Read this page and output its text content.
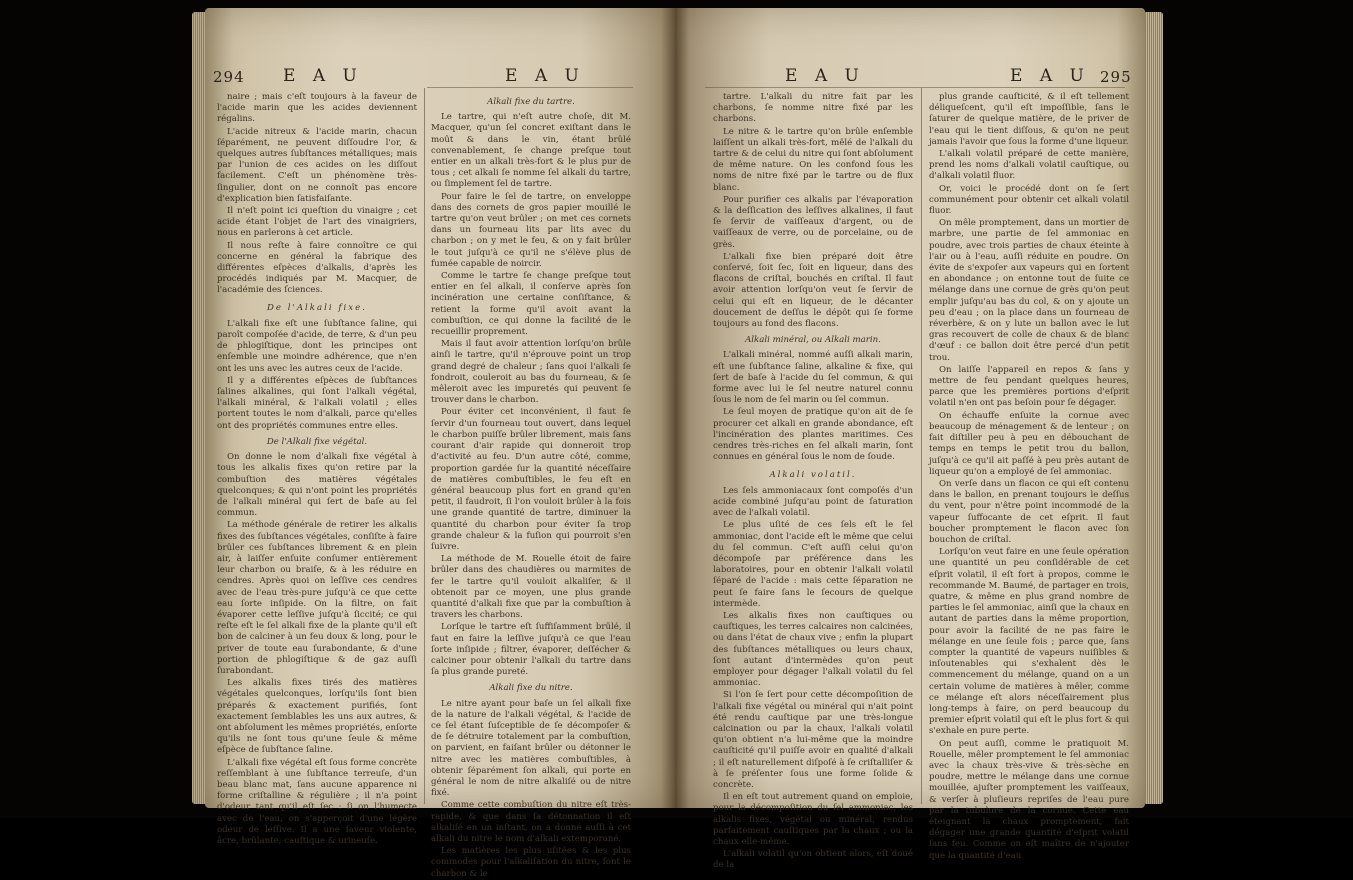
294 E A U	E A U

naire ; mais c'eſt toujours à la faveur de l'acide marin que les acides deviennent régalins.

L'acide nitreux & l'acide marin, chacun ſéparément, ne peuvent diſſoudre l'or, & quelques autres ſubſtances métalliques; mais par l'union de ces acides on les diſſout facilement. C'eſt un phénomène très-ſingulier, dont on ne connoît pas encore d'explication bien ſatisfaiſante.

Il n'eſt point ici queſtion du vinaigre ; cet acide étant l'objet de l'art des vinaigriers, nous en parlerons à cet article.

Il nous reſte à faire connoître ce qui concerne en général la fabrique des différentes eſpèces d'alkalis, d'après les procédés indiqués par M. Macquer, de l'académie des ſciences.

De l'Alkali fixe.

L'alkali fixe eſt une ſubſtance ſaline, qui paroît compoſée d'acide, de terre, & d'un peu de phlogiſtique, dont les principes ont enſemble une moindre adhérence, que n'en ont les uns avec les autres ceux de l'acide.

Il y a différentes eſpèces de ſubſtances ſalines alkalines, qui ſont l'alkali végétal, l'alkali minéral, & l'alkali volatil ; elles portent toutes le nom d'alkali, parce qu'elles ont des propriétés communes entre elles.

De l'Alkali fixe végétal.

On donne le nom d'alkali fixe végétal à tous les alkalis fixes qu'on retire par la combuſtion des matières végétales quelconques; & qui n'ont point les propriétés de l'alkali minéral qui ſert de baſe au ſel commun.

La méthode générale de retirer les alkalis fixes des ſubſtances végétales, conſiſte à faire brûler ces ſubſtances librement & en plein air, à laiſſer enſuite conſumer entièrement leur charbon ou braiſe, & à les réduire en cendres. Après quoi on leſſive ces cendres avec de l'eau très-pure juſqu'à ce que cette eau ſorte inſipide. On la filtre, on fait évaporer cette leſſive juſqu'à ſiccité; ce qui reſte eſt le ſel alkali fixe de la plante qu'il eſt bon de calciner à un feu doux & long, pour le priver de toute eau ſurabondante, & d'une portion de phlogiſtique & de gaz auſſi ſurabondant.

Les alkalis fixes tirés des matières végétales quelconques, lorſqu'ils ſont bien préparés & exactement purifiés, ſont exactement ſemblables les uns aux autres, & ont abſolument les mêmes propriétés, enſorte qu'ils ne ſont tous qu'une ſeule & même eſpèce de ſubſtance ſaline.

L'alkali fixe végétal eſt ſous forme concrète reſſemblant à une ſubſtance terreuſe, d'un beau blanc mat, ſans aucune apparence ni forme criſtalline & régulière ; il n'a point d'odeur tant qu'il eſt ſec : ſi on l'humecte avec de l'eau, on s'apperçoit d'une légère odeur de leſſive. Il a une ſaveur violente, âcre, brûlante, cauſtique & urineuſe.

Alkali fixe du tartre.

Le tartre, qui n'eſt autre choſe, dit M. Macquer, qu'un ſel concret exiſtant dans le moût & dans le vin, étant brûlé convenablement, ſe change preſque tout entier en un alkali très-fort & le plus pur de tous ; cet alkali ſe nomme ſel alkali du tartre, ou ſimplement ſel de tartre.

Pour faire le ſel de tartre, on enveloppe dans des cornets de gros papier mouillé le tartre qu'on veut brûler ; on met ces cornets dans un fourneau lits par lits avec du charbon ; on y met le feu, & on y fait brûler le tout juſqu'à ce qu'il ne s'élève plus de fumée capable de noircir.

Comme le tartre ſe change preſque tout entier en ſel alkali, il conſerve après ſon incinération une certaine conſiſtance, & retient la forme qu'il avoit avant la combuſtion, ce qui donne la facilité de le recueillir proprement.

Mais il faut avoir attention lorſqu'on brûle ainſi le tartre, qu'il n'éprouve point un trop grand degré de chaleur ; ſans quoi l'alkali ſe fondroit, couleroit au bas du fourneau, & ſe mêleroit avec les impuretés qui peuvent ſe trouver dans le charbon.

Pour éviter cet inconvénient, il faut ſe ſervir d'un fourneau tout ouvert, dans lequel le charbon puiſſe brûler librement, mais ſans courant d'air rapide qui donneroit trop d'activité au feu. D'un autre côté, comme, proportion gardée ſur la quantité néceſſaire de matières combuſtibles, le feu eſt en général beaucoup plus fort en grand qu'en petit, il faudroit, ſi l'on vouloit brûler à la fois une grande quantité de tartre, diminuer la quantité du charbon pour éviter ſa trop grande chaleur & la fuſion qui pourroit s'en ſuivre.

La méthode de M. Rouelle étoit de faire brûler dans des chaudières ou marmites de fer le tartre qu'il vouloit alkaliſer, & il obtenoit par ce moyen, une plus grande quantité d'alkali fixe que par la combuſtion à travers les charbons.

Lorſque le tartre eſt ſuffiſamment brûlé, il faut en faire la leſſive juſqu'à ce que l'eau ſorte inſipide ; filtrer, évaporer, deſſécher & calciner pour obtenir l'alkali du tartre dans ſa plus grande pureté.

Alkali fixe du nitre.

Le nitre ayant pour baſe un ſel alkali fixe de la nature de l'alkali végétal, & l'acide de ce ſel étant ſuſceptible de ſe décompoſer & de ſe détruire totalement par la combuſtion, on parvient, en faiſant brûler ou détonner le nitre avec les matières combuſtibles, à obtenir ſéparément ſon alkali, qui porte en général le nom de nitre alkaliſé ou de nitre fixé.

Comme cette combuſtion du nitre eſt très-rapide, & que dans ſa détonnation il eſt alkaliſé en un inſtant, on a donné auſſi à cet alkali du nitre le nom d'alkali extemporané.

Les matières les plus uſitées & les plus commodes pour l'alkaliſation du nitre, ſont le charbon & le

E A U	E A U 295

tartre. L'alkali du nitre fait par les charbons, ſe nomme nitre fixé par les charbons.

Le nitre & le tartre qu'on brûle enſemble laiſſent un alkali très-fort, mêlé de l'alkali du tartre & de celui du nitre qui ſont abſolument de même nature. On les confond ſous les noms de nitre fixé par le tartre ou de flux blanc.

Pour purifier ces alkalis par l'évaporation & la deſſication des leſſives alkalines, il faut ſe ſervir de vaiſſeaux d'argent, ou de vaiſſeaux de verre, ou de porcelaine, ou de grès.

L'alkali fixe bien préparé doit être conſervé, ſoit ſec, ſoit en liqueur, dans des flacons de criſtal, bouchés en criſtal. Il faut avoir attention lorſqu'on veut ſe ſervir de celui qui eſt en liqueur, de le décanter doucement de deſſus le dépôt qui ſe forme toujours au fond des flacons.

Alkali minéral, ou Alkali marin.

L'alkali minéral, nommé auſſi alkali marin, eſt une ſubſtance ſaline, alkaline & fixe, qui ſert de baſe à l'acide du ſel commun, & qui forme avec lui le ſel neutre naturel connu ſous le nom de ſel marin ou ſel commun.

Le ſeul moyen de pratique qu'on ait de ſe procurer cet alkali en grande abondance, eſt l'incinération des plantes maritimes. Ces cendres très-riches en ſel alkali marin, ſont connues en général ſous le nom de ſoude.

Alkali volatil.

Les ſels ammoniacaux ſont compoſés d'un acide combiné juſqu'au point de ſaturation avec de l'alkali volatil.

Le plus uſité de ces ſels eſt le ſel ammoniac, dont l'acide eſt le même que celui du ſel commun. C'eſt auſſi celui qu'on décompoſe par préférence dans les laboratoires, pour en obtenir l'alkali volatil ſéparé de l'acide : mais cette ſéparation ne peut ſe faire ſans le ſecours de quelque intermède.

Les alkalis fixes non cauſtiques ou cauſtiques, les terres calcaires non calcinées, ou dans l'état de chaux vive ; enfin la plupart des ſubſtances métalliques ou leurs chaux, ſont autant d'intermèdes qu'on peut employer pour dégager l'alkali volatil du ſel ammoniac.

Si l'on ſe ſert pour cette décompoſition de l'alkali fixe végétal ou minéral qui n'ait point été rendu cauſtique par une très-longue calcination ou par la chaux, l'alkali volatil qu'on obtient n'a lui-même que la moindre cauſticité qu'il puiſſe avoir en qualité d'alkali ; il eſt naturellement diſpoſé à ſe criſtalliſer & à ſe préſenter ſous une forme ſolide & concrète.

Il en eſt tout autrement quand on emploie, pour la décompoſition du ſel ammoniac, les alkalis fixes, végétal ou minéral, rendus parfaitement cauſtiques par la chaux ; ou la chaux elle-même.

L'alkali volatil qu'on obtient alors, eſt doué de la

plus grande cauſticité, & il eſt tellement déliqueſcent, qu'il eſt impoſſible, ſans le ſaturer de quelque matière, de le priver de l'eau qui le tient diſſous, & qu'on ne peut jamais l'avoir que ſous la forme d'une liqueur.

L'alkali volatil préparé de cette manière, prend les noms d'alkali volatil cauſtique, ou d'alkali volatil fluor.

Or, voici le procédé dont on ſe ſert communément pour obtenir cet alkali volatil fluor.

On mêle promptement, dans un mortier de marbre, une partie de ſel ammoniac en poudre, avec trois parties de chaux éteinte à l'air ou à l'eau, auſſi réduite en poudre. On évite de s'expoſer aux vapeurs qui en ſortent en abondance ; on entonne tout de ſuite ce mélange dans une cornue de grès qu'on peut emplir juſqu'au bas du col, & on y ajoute un peu d'eau ; on la place dans un fourneau de réverbère, & on y lute un ballon avec le lut gras recouvert de colle de chaux & de blanc d'œuf : ce ballon doit être percé d'un petit trou.

On laiſſe l'appareil en repos & ſans y mettre de feu pendant quelques heures, parce que les premières portions d'eſprit volatil n'en ont pas beſoin pour ſe dégager.

On échauffe enſuite la cornue avec beaucoup de ménagement & de lenteur ; on fait diſtiller peu à peu en débouchant de temps en temps le petit trou du ballon, juſqu'à ce qu'il ait paſſé à peu près autant de liqueur qu'on a employé de ſel ammoniac.

On verſe dans un flacon ce qui eſt contenu dans le ballon, en prenant toujours le deſſus du vent, pour n'être point incommodé de la vapeur ſuffocante de cet eſprit. Il faut boucher promptement le flacon avec ſon bouchon de criſtal.

Lorſqu'on veut faire en une ſeule opération une quantité un peu conſidérable de cet eſprit volatil, il eſt fort à propos, comme le recommande M. Baumé, de partager en trois, quatre, & même en plus grand nombre de parties le ſel ammoniac, ainſi que la chaux en autant de parties dans la même proportion, pour avoir la facilité de ne pas faire le mélange en une ſeule fois ; parce que, ſans compter la quantité de vapeurs nuiſibles & inſoutenables qui s'exhalent dès le commencement du mélange, quand on a un certain volume de matières à mêler, comme ce mélange eſt alors néceſſairement plus long-temps à faire, on perd beaucoup du premier eſprit volatil qui eſt le plus fort & qui s'exhale en pure perte.

On peut auſſi, comme le pratiquoit M. Rouelle, mêler promptement le ſel ammoniac avec la chaux très-vive & très-sèche en poudre, mettre le mélange dans une cornue mouillée, ajuſter promptement les vaiſſeaux, & verſer à pluſieurs repriſes de l'eau pure par la tubulure de la cornue. Cette eau éteignant la chaux promptement, fait dégager une grande quantité d'eſprit volatil ſans feu. Comme on eſt maître de n'ajouter que la quantité d'eau
